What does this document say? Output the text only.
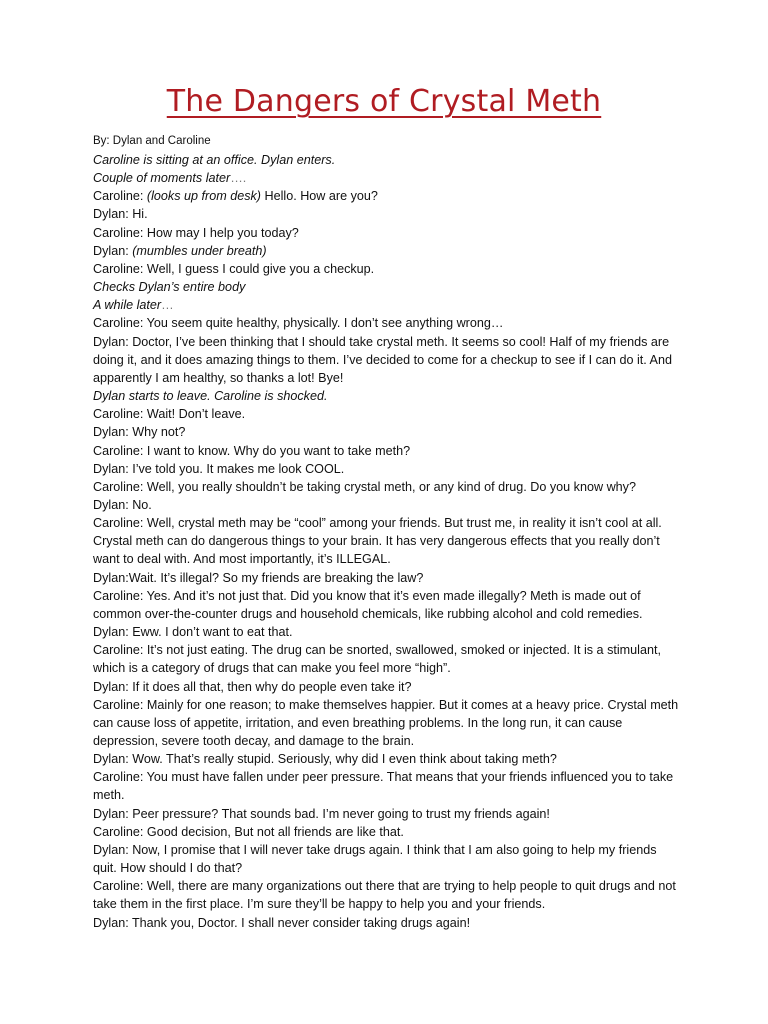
The Dangers of Crystal Meth

By: Dylan and Caroline

Caroline is sitting at an office. Dylan enters.

Couple of moments later….

Caroline: (looks up from desk) Hello. How are you?

Dylan: Hi.

Caroline: How may I help you today?

Dylan: (mumbles under breath)

Caroline: Well, I guess I could give you a checkup.

Checks Dylan’s entire body

A while later…

Caroline: You seem quite healthy, physically. I don’t see anything wrong…

Dylan: Doctor, I’ve been thinking that I should take crystal meth. It seems so cool! Half of my friends are doing it, and it does amazing things to them. I’ve decided to come for a checkup to see if I can do it. And apparently I am healthy, so thanks a lot! Bye!

Dylan starts to leave. Caroline is shocked.

Caroline: Wait! Don’t leave.

Dylan: Why not?

Caroline: I want to know. Why do you want to take meth?

Dylan: I’ve told you. It makes me look COOL.

Caroline: Well, you really shouldn’t be taking crystal meth, or any kind of drug. Do you know why?

Dylan: No.

Caroline: Well, crystal meth may be “cool” among your friends. But trust me, in reality it isn’t cool at all. Crystal meth can do dangerous things to your brain. It has very dangerous effects that you really don’t want to deal with. And most importantly, it’s ILLEGAL.

Dylan:Wait. It’s illegal? So my friends are breaking the law?

Caroline: Yes. And it’s not just that. Did you know that it’s even made illegally? Meth is made out of common over-the-counter drugs and household chemicals, like rubbing alcohol and cold remedies.

Dylan: Eww. I don’t want to eat that.

Caroline: It’s not just eating. The drug can be snorted, swallowed, smoked or injected. It is a stimulant, which is a category of drugs that can make you feel more “high”.

Dylan: If it does all that, then why do people even take it?

Caroline: Mainly for one reason; to make themselves happier. But it comes at a heavy price. Crystal meth can cause loss of appetite, irritation, and even breathing problems. In the long run, it can cause depression, severe tooth decay, and damage to the brain.

Dylan: Wow. That’s really stupid. Seriously, why did I even think about taking meth?

Caroline: You must have fallen under peer pressure. That means that your friends influenced you to take meth.

Dylan: Peer pressure? That sounds bad. I’m never going to trust my friends again!

Caroline: Good decision, But not all friends are like that.

Dylan: Now, I promise that I will never take drugs again. I think that I am also going to help my friends quit. How should I do that?

Caroline: Well, there are many organizations out there that are trying to help people to quit drugs and not take them in the first place. I’m sure they’ll be happy to help you and your friends.

Dylan: Thank you, Doctor. I shall never consider taking drugs again!
